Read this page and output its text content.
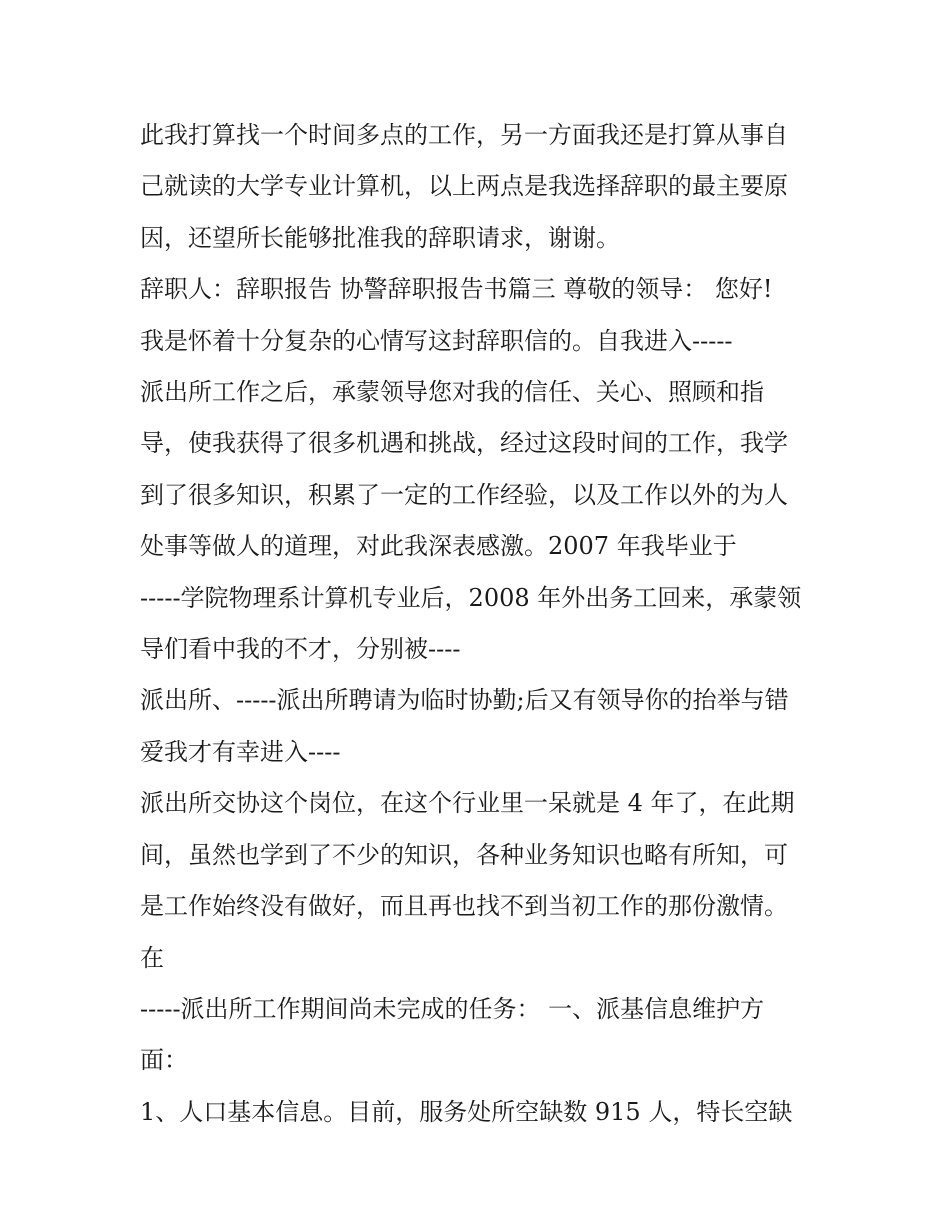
此我打算找一个时间多点的工作，另一方面我还是打算从事自
己就读的大学专业计算机，以上两点是我选择辞职的最主要原
因，还望所长能够批准我的辞职请求，谢谢。
辞职人：辞职报告 协警辞职报告书篇三 尊敬的领导： 您好!
我是怀着十分复杂的心情写这封辞职信的。自我进入-----
派出所工作之后，承蒙领导您对我的信任、关心、照顾和指
导，使我获得了很多机遇和挑战，经过这段时间的工作，我学
到了很多知识，积累了一定的工作经验，以及工作以外的为人
处事等做人的道理，对此我深表感激。2007 年我毕业于
-----学院物理系计算机专业后，2008 年外出务工回来，承蒙领
导们看中我的不才，分别被----
派出所、-----派出所聘请为临时协勤;后又有领导你的抬举与错
爱我才有幸进入----
派出所交协这个岗位，在这个行业里一呆就是 4 年了，在此期
间，虽然也学到了不少的知识，各种业务知识也略有所知，可
是工作始终没有做好，而且再也找不到当初工作的那份激情。
在
-----派出所工作期间尚未完成的任务： 一、派基信息维护方
面：
1、人口基本信息。目前，服务处所空缺数 915 人，特长空缺
